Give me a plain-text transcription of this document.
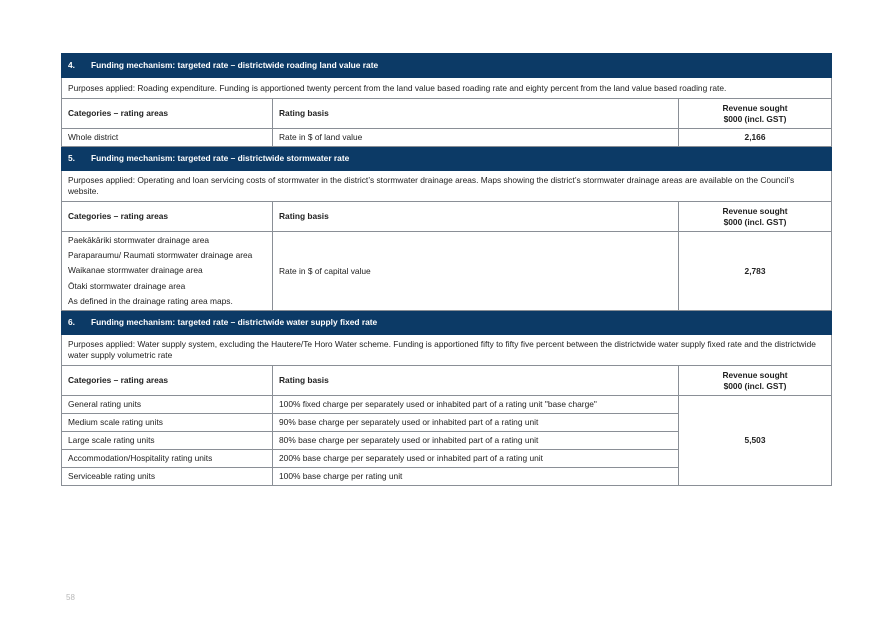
4. Funding mechanism: targeted rate – districtwide roading land value rate		
Purposes applied: Roading expenditure. Funding is apportioned twenty percent from the land value based roading rate and eighty percent from the land value based roading rate.		
Categories – rating areas	Rating basis	Revenue sought
$000 (incl. GST)

Whole district	Rate in $ of land value	2,166
5. Funding mechanism: targeted rate – districtwide stormwater rate		
Purposes applied: Operating and loan servicing costs of stormwater in the district’s stormwater drainage areas. Maps showing the district’s stormwater drainage areas are available on the Council’s website.		
Categories – rating areas	Rating basis	Revenue sought
$000 (incl. GST)

Paekākāriki stormwater drainage area
Paraparaumu/ Raumati stormwater drainage area
Waikanae stormwater drainage area
Ōtaki stormwater drainage area
As defined in the drainage rating area maps.	Rate in $ of capital value	2,783
6. Funding mechanism: targeted rate – districtwide water supply fixed rate		
Purposes applied: Water supply system, excluding the Hautere/Te Horo Water scheme. Funding is apportioned fifty to fifty five percent between the districtwide water supply fixed rate and the districtwide water supply volumetric rate		
Categories – rating areas	Rating basis	Revenue sought
$000 (incl. GST)

General rating units	100% fixed charge per separately used or inhabited part of a rating unit "base charge"	5,503
Medium scale rating units	90% base charge per separately used or inhabited part of a rating unit	
Large scale rating units	80% base charge per separately used or inhabited part of a rating unit	
Accommodation/Hospitality rating units	200% base charge per separately used or inhabited part of a rating unit	
Serviceable rating units	100% base charge per rating unit	
58
